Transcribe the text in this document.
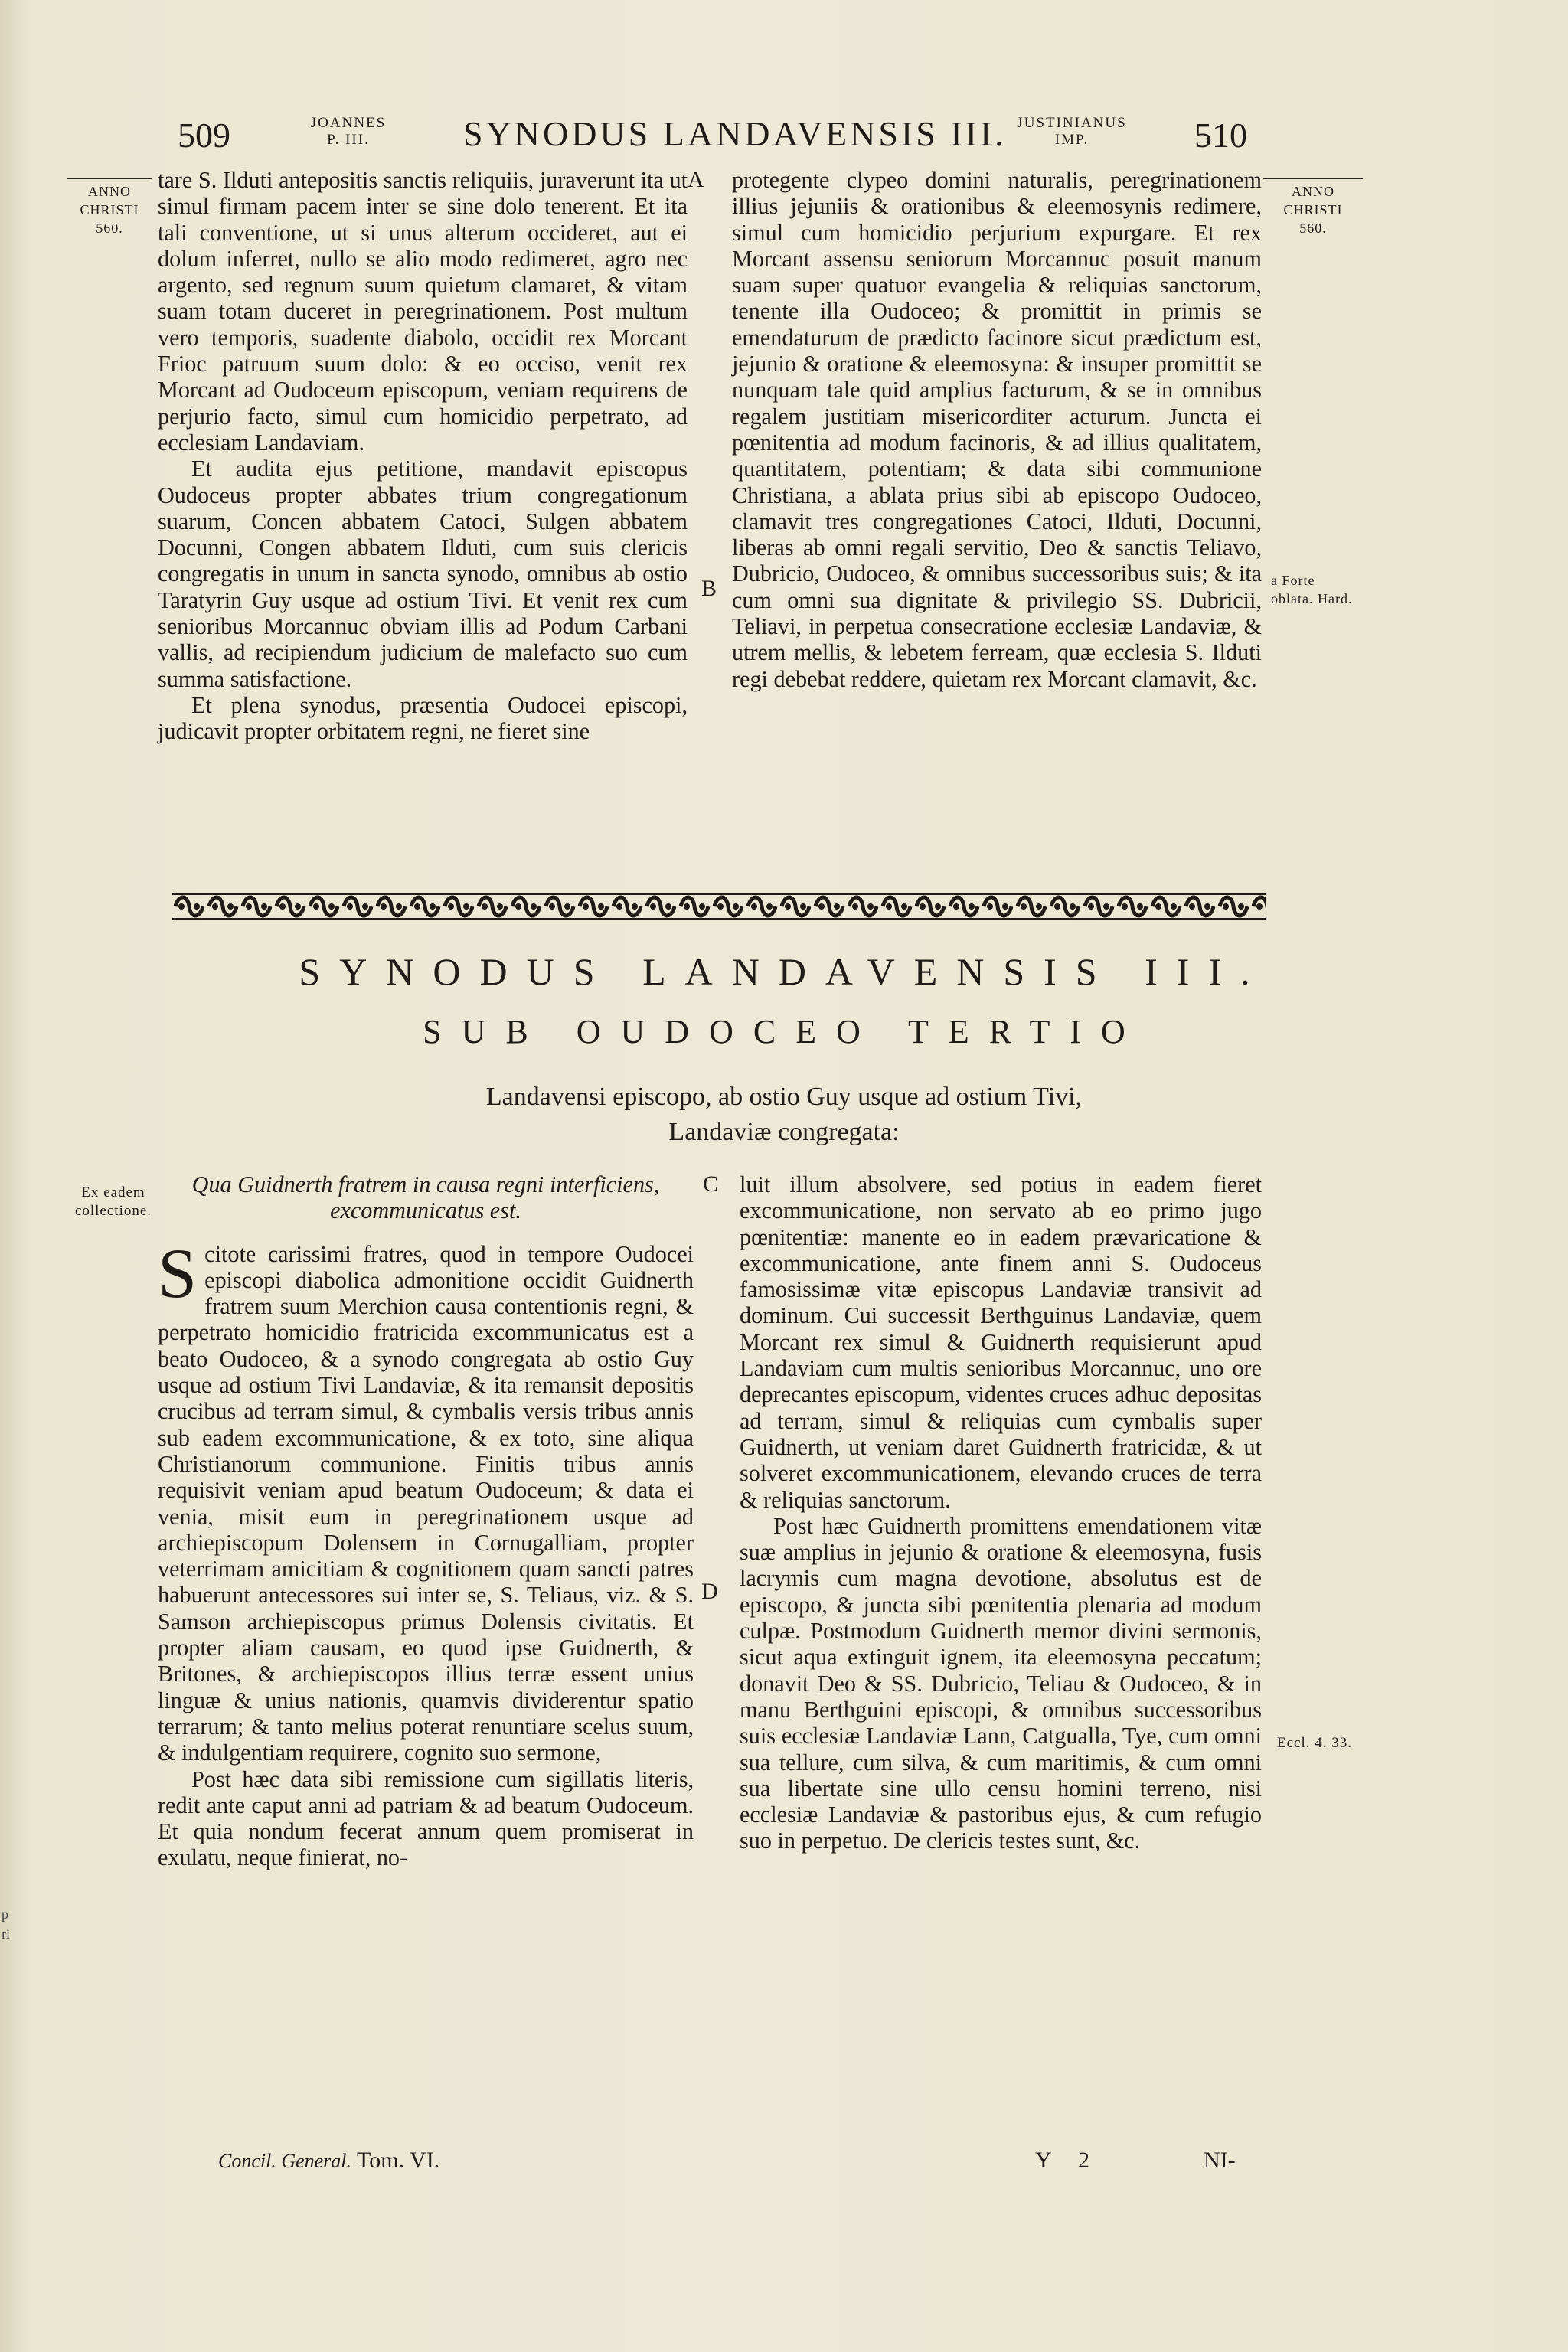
509	JOANNES
P. III.	SYNODUS LANDAVENSIS III. JUSTINIANUS
IMP.	510
ANNO
CHRISTI
560.
ANNO
CHRISTI
560.
a Forte
oblata. Hard.
A
B
C
D

tare S. Ilduti antepositis sanctis reliquiis, juraverunt ita ut simul firmam pacem inter se sine dolo tenerent. Et ita tali conventione, ut si unus alterum occideret, aut ei dolum inferret, nullo se alio modo redimeret, agro nec argento, sed regnum suum quietum clamaret, & vitam suam totam duceret in peregrinationem. Post multum vero temporis, suadente diabolo, occidit rex Morcant Frioc patruum suum dolo: & eo occiso, venit rex Morcant ad Oudoceum episcopum, veniam requirens de perjurio facto, simul cum homicidio perpetrato, ad ecclesiam Landaviam.

Et audita ejus petitione, mandavit episcopus Oudoceus propter abbates trium congregationum suarum, Concen abbatem Catoci, Sulgen abbatem Docunni, Congen abbatem Ilduti, cum suis clericis congregatis in unum in sancta synodo, omnibus ab ostio Taratyrin Guy usque ad ostium Tivi. Et venit rex cum senioribus Morcannuc obviam illis ad Podum Carbani vallis, ad recipiendum judicium de malefacto suo cum summa satisfactione.

Et plena synodus, præsentia Oudocei episcopi, judicavit propter orbitatem regni, ne fieret sine

protegente clypeo domini naturalis, peregrinationem illius jejuniis & orationibus & eleemosynis redimere, simul cum homicidio perjurium expurgare. Et rex Morcant assensu seniorum Morcannuc posuit manum suam super quatuor evangelia & reliquias sanctorum, tenente illa Oudoceo; & promittit in primis se emendaturum de prædicto facinore sicut prædictum est, jejunio & oratione & eleemosyna: & insuper promittit se nunquam tale quid amplius facturum, & se in omnibus regalem justitiam misericorditer acturum. Juncta ei pœnitentia ad modum facinoris, & ad illius qualitatem, quantitatem, potentiam; & data sibi communione Christiana, a ablata prius sibi ab episcopo Oudoceo, clamavit tres congregationes Catoci, Ilduti, Docunni, liberas ab omni regali servitio, Deo & sanctis Teliavo, Dubricio, Oudoceo, & omnibus successoribus suis; & ita cum omni sua dignitate & privilegio SS. Dubricii, Teliavi, in perpetua consecratione ecclesiæ Landaviæ, & utrem mellis, & lebetem ferream, quæ ecclesia S. Ilduti regi debebat reddere, quietam rex Morcant clamavit, &c.

SYNODUS LANDAVENSIS III.
SUB OUDOCEO TERTIO
Landavensi episcopo, ab ostio Guy usque ad ostium Tivi,
Landaviæ congregata:
Ex eadem
collectione.
Eccl. 4. 33.
p
ri

Qua Guidnerth fratrem in causa regni interficiens, excommunicatus est.

Scitote carissimi fratres, quod in tempore Oudocei episcopi diabolica admonitione occidit Guidnerth fratrem suum Merchion causa contentionis regni, & perpetrato homicidio fratricida excommunicatus est a beato Oudoceo, & a synodo congregata ab ostio Guy usque ad ostium Tivi Landaviæ, & ita remansit depositis crucibus ad terram simul, & cymbalis versis tribus annis sub eadem excommunicatione, & ex toto, sine aliqua Christianorum communione. Finitis tribus annis requisivit veniam apud beatum Oudoceum; & data ei venia, misit eum in peregrinationem usque ad archiepiscopum Dolensem in Cornugalliam, propter veterrimam amicitiam & cognitionem quam sancti patres habuerunt antecessores sui inter se, S. Teliaus, viz. & S. Samson archiepiscopus primus Dolensis civitatis. Et propter aliam causam, eo quod ipse Guidnerth, & Britones, & archiepiscopos illius terræ essent unius linguæ & unius nationis, quamvis dividerentur spatio terrarum; & tanto melius poterat renuntiare scelus suum, & indulgentiam requirere, cognito suo sermone,

Post hæc data sibi remissione cum sigillatis literis, redit ante caput anni ad patriam & ad beatum Oudoceum. Et quia nondum fecerat annum quem promiserat in exulatu, neque finierat, no-

luit illum absolvere, sed potius in eadem fieret excommunicatione, non servato ab eo primo jugo pœnitentiæ: manente eo in eadem prævaricatione & excommunicatione, ante finem anni S. Oudoceus famosissimæ vitæ episcopus Landaviæ transivit ad dominum. Cui successit Berthguinus Landaviæ, quem Morcant rex simul & Guidnerth requisierunt apud Landaviam cum multis senioribus Morcannuc, uno ore deprecantes episcopum, videntes cruces adhuc depositas ad terram, simul & reliquias cum cymbalis super Guidnerth, ut veniam daret Guidnerth fratricidæ, & ut solveret excommunicationem, elevando cruces de terra & reliquias sanctorum.

Post hæc Guidnerth promittens emendationem vitæ suæ amplius in jejunio & oratione & eleemosyna, fusis lacrymis cum magna devotione, absolutus est de episcopo, & juncta sibi pœnitentia plenaria ad modum culpæ. Postmodum Guidnerth memor divini sermonis, sicut aqua extinguit ignem, ita eleemosyna peccatum; donavit Deo & SS. Dubricio, Teliau & Oudoceo, & in manu Berthguini episcopi, & omnibus successoribus suis ecclesiæ Landaviæ Lann, Catgualla, Tye, cum omni sua tellure, cum silva, & cum maritimis, & cum omni sua libertate sine ullo censu homini terreno, nisi ecclesiæ Landaviæ & pastoribus ejus, & cum refugio suo in perpetuo. De clericis testes sunt, &c.

Concil. General. Tom. VI.	Y 2	NI-
